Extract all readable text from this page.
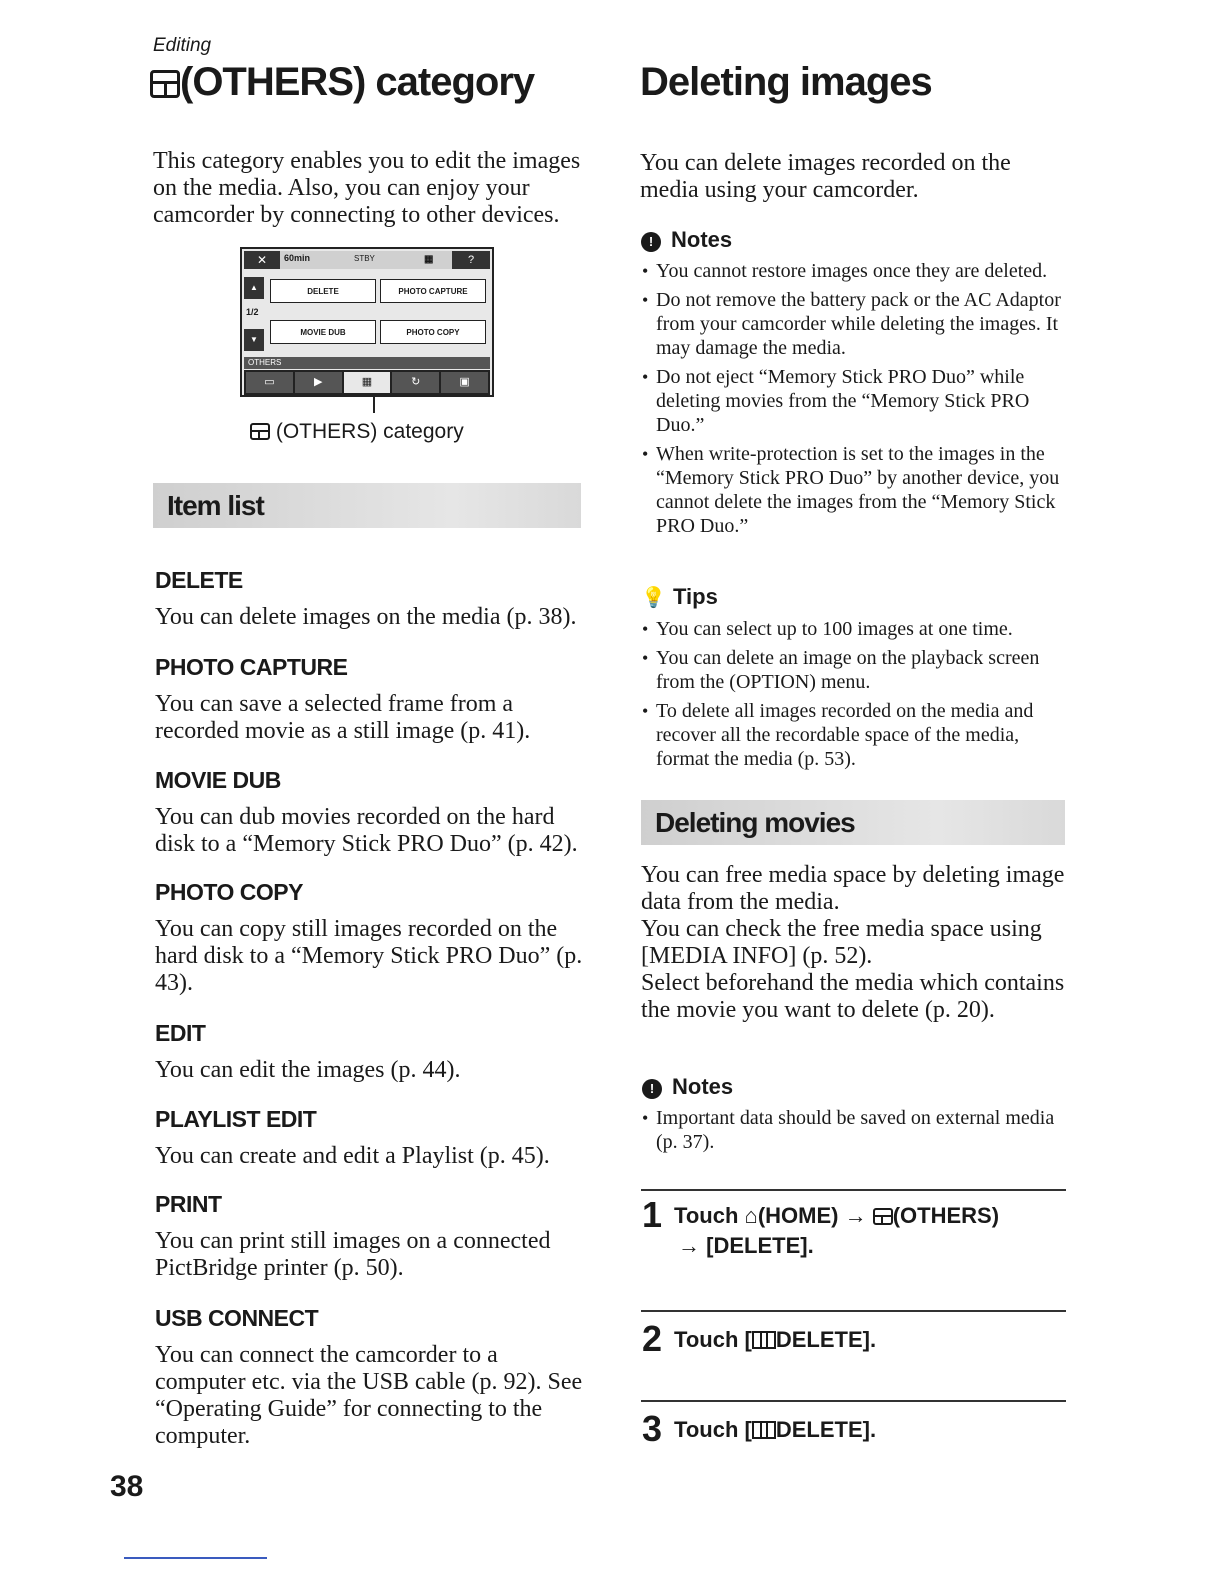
Editing
(OTHERS) category	Deleting images

This category enables you to edit the images on the media. Also, you can enjoy your camcorder by connecting to other devices.

You can delete images recorded on the media using your camcorder.

✕	60min	STBY	▦	?
▲
1/2
▼
DELETE	PHOTO CAPTURE
MOVIE DUB	PHOTO COPY
OTHERS
▭	▶	▦	↻	▣
(OTHERS) category
Item list
DELETE
You can delete images on the media (p. 38).
PHOTO CAPTURE
You can save a selected frame from a recorded movie as a still image (p. 41).
MOVIE DUB
You can dub movies recorded on the hard disk to a “Memory Stick PRO Duo” (p. 42).
PHOTO COPY
You can copy still images recorded on the hard disk to a “Memory Stick PRO Duo” (p. 43).
EDIT
You can edit the images (p. 44).
PLAYLIST EDIT
You can create and edit a Playlist (p. 45).
PRINT
You can print still images on a connected PictBridge printer (p. 50).
USB CONNECT
You can connect the camcorder to a computer etc. via the USB cable (p. 92). See “Operating Guide” for connecting to the computer.
! Notes
• You cannot restore images once they are deleted.
• Do not remove the battery pack or the AC Adaptor from your camcorder while deleting the images. It may damage the media.
• Do not eject “Memory Stick PRO Duo” while deleting movies from the “Memory Stick PRO Duo.”
• When write-protection is set to the images in the “Memory Stick PRO Duo” by another device, you cannot delete the images from the “Memory Stick PRO Duo.”
💡 Tips
• You can select up to 100 images at one time.
• You can delete an image on the playback screen from the (OPTION) menu.
• To delete all images recorded on the media and recover all the recordable space of the media, format the media (p. 53).
Deleting movies

You can free media space by deleting image data from the media.

You can check the free media space using [MEDIA INFO] (p. 52).

Select beforehand the media which contains the movie you want to delete (p. 20).

! Notes
• Important data should be saved on external media (p. 37).
1 Touch ⌂(HOME) → (OTHERS)
→ [DELETE].
2 Touch [ DELETE].
3 Touch [ DELETE].
38
